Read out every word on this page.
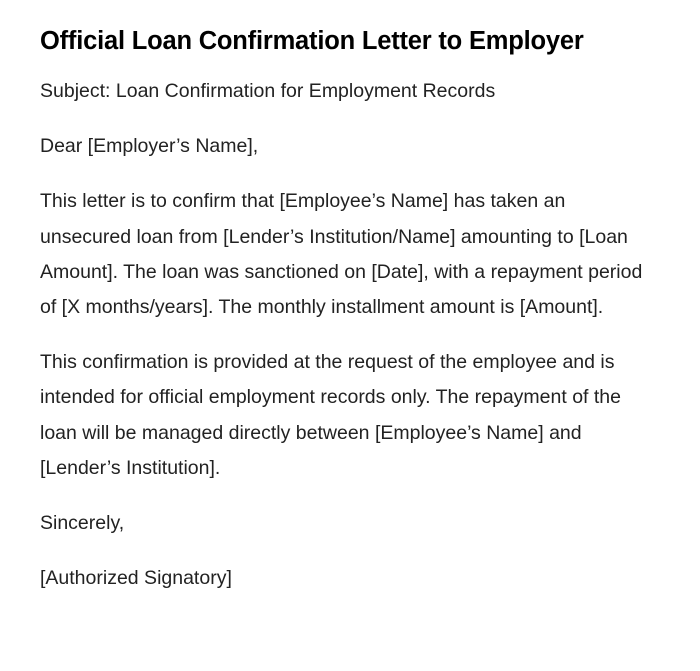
Official Loan Confirmation Letter to Employer

Subject: Loan Confirmation for Employment Records

Dear [Employer’s Name],

This letter is to confirm that [Employee’s Name] has taken an unsecured loan from [Lender’s Institution/Name] amounting to [Loan Amount]. The loan was sanctioned on [Date], with a repayment period of [X months/years]. The monthly installment amount is [Amount].

This confirmation is provided at the request of the employee and is intended for official employment records only. The repayment of the loan will be managed directly between [Employee’s Name] and [Lender’s Institution].

Sincerely,

[Authorized Signatory]
